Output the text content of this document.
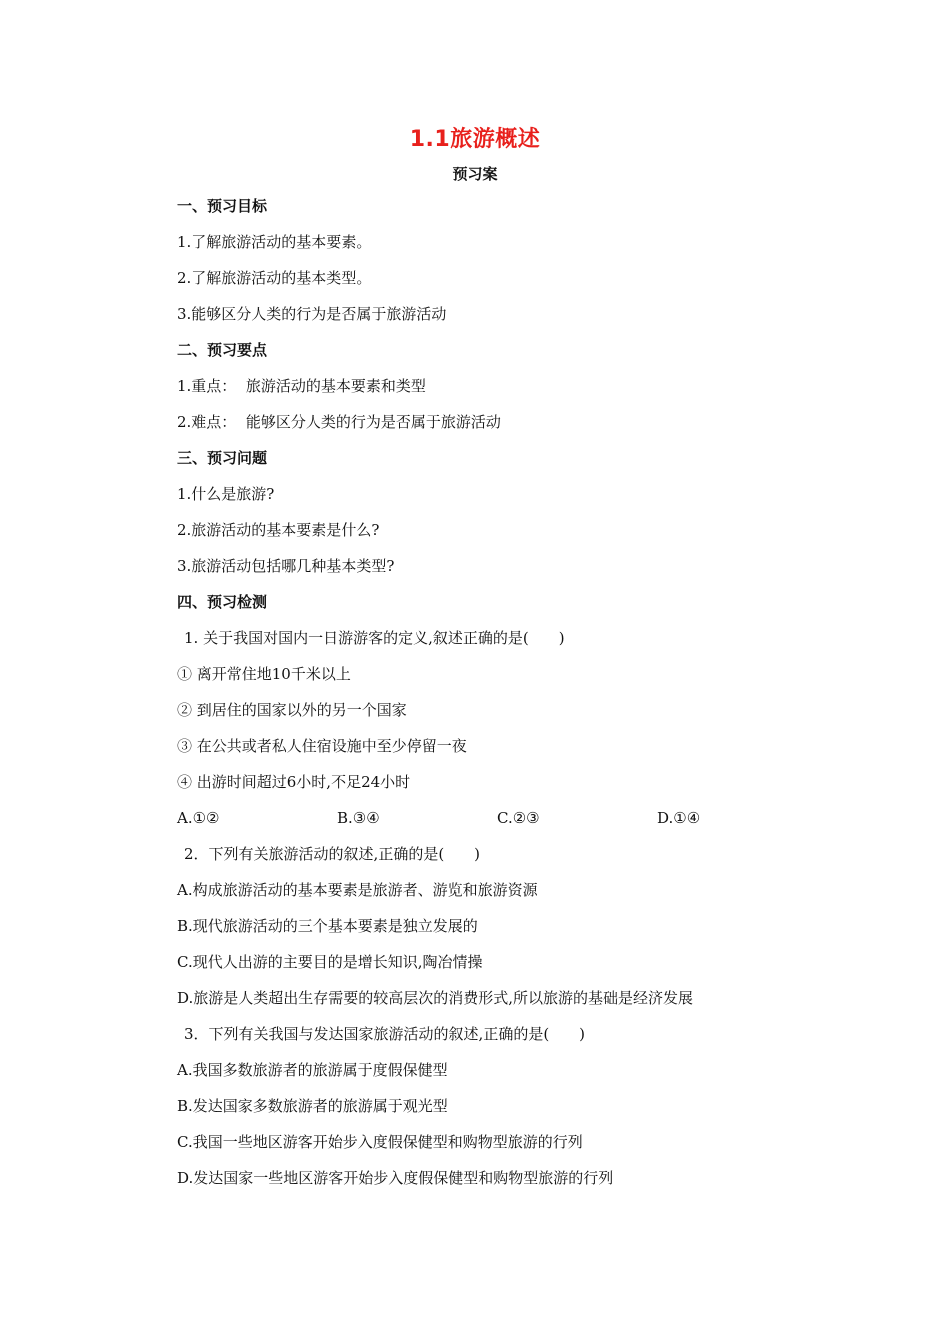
1.1旅游概述
预习案
一、预习目标
1.了解旅游活动的基本要素。
2.了解旅游活动的基本类型。
3.能够区分人类的行为是否属于旅游活动
二、预习要点
1.重点：  旅游活动的基本要素和类型
2.难点：  能够区分人类的行为是否属于旅游活动
三、预习问题
1.什么是旅游?
2.旅游活动的基本要素是什么?
3.旅游活动包括哪几种基本类型?
四、预习检测
1. 关于我国对国内一日游游客的定义,叙述正确的是(　　)
① 离开常住地10千米以上
② 到居住的国家以外的另一个国家
③ 在公共或者私人住宿设施中至少停留一夜
④ 出游时间超过6小时,不足24小时
A.①②	B.③④	C.②③	D.①④
2．下列有关旅游活动的叙述,正确的是(　　)
A.构成旅游活动的基本要素是旅游者、游览和旅游资源
B.现代旅游活动的三个基本要素是独立发展的
C.现代人出游的主要目的是增长知识,陶冶情操
D.旅游是人类超出生存需要的较高层次的消费形式,所以旅游的基础是经济发展
3．下列有关我国与发达国家旅游活动的叙述,正确的是(　　)
A.我国多数旅游者的旅游属于度假保健型
B.发达国家多数旅游者的旅游属于观光型
C.我国一些地区游客开始步入度假保健型和购物型旅游的行列
D.发达国家一些地区游客开始步入度假保健型和购物型旅游的行列
